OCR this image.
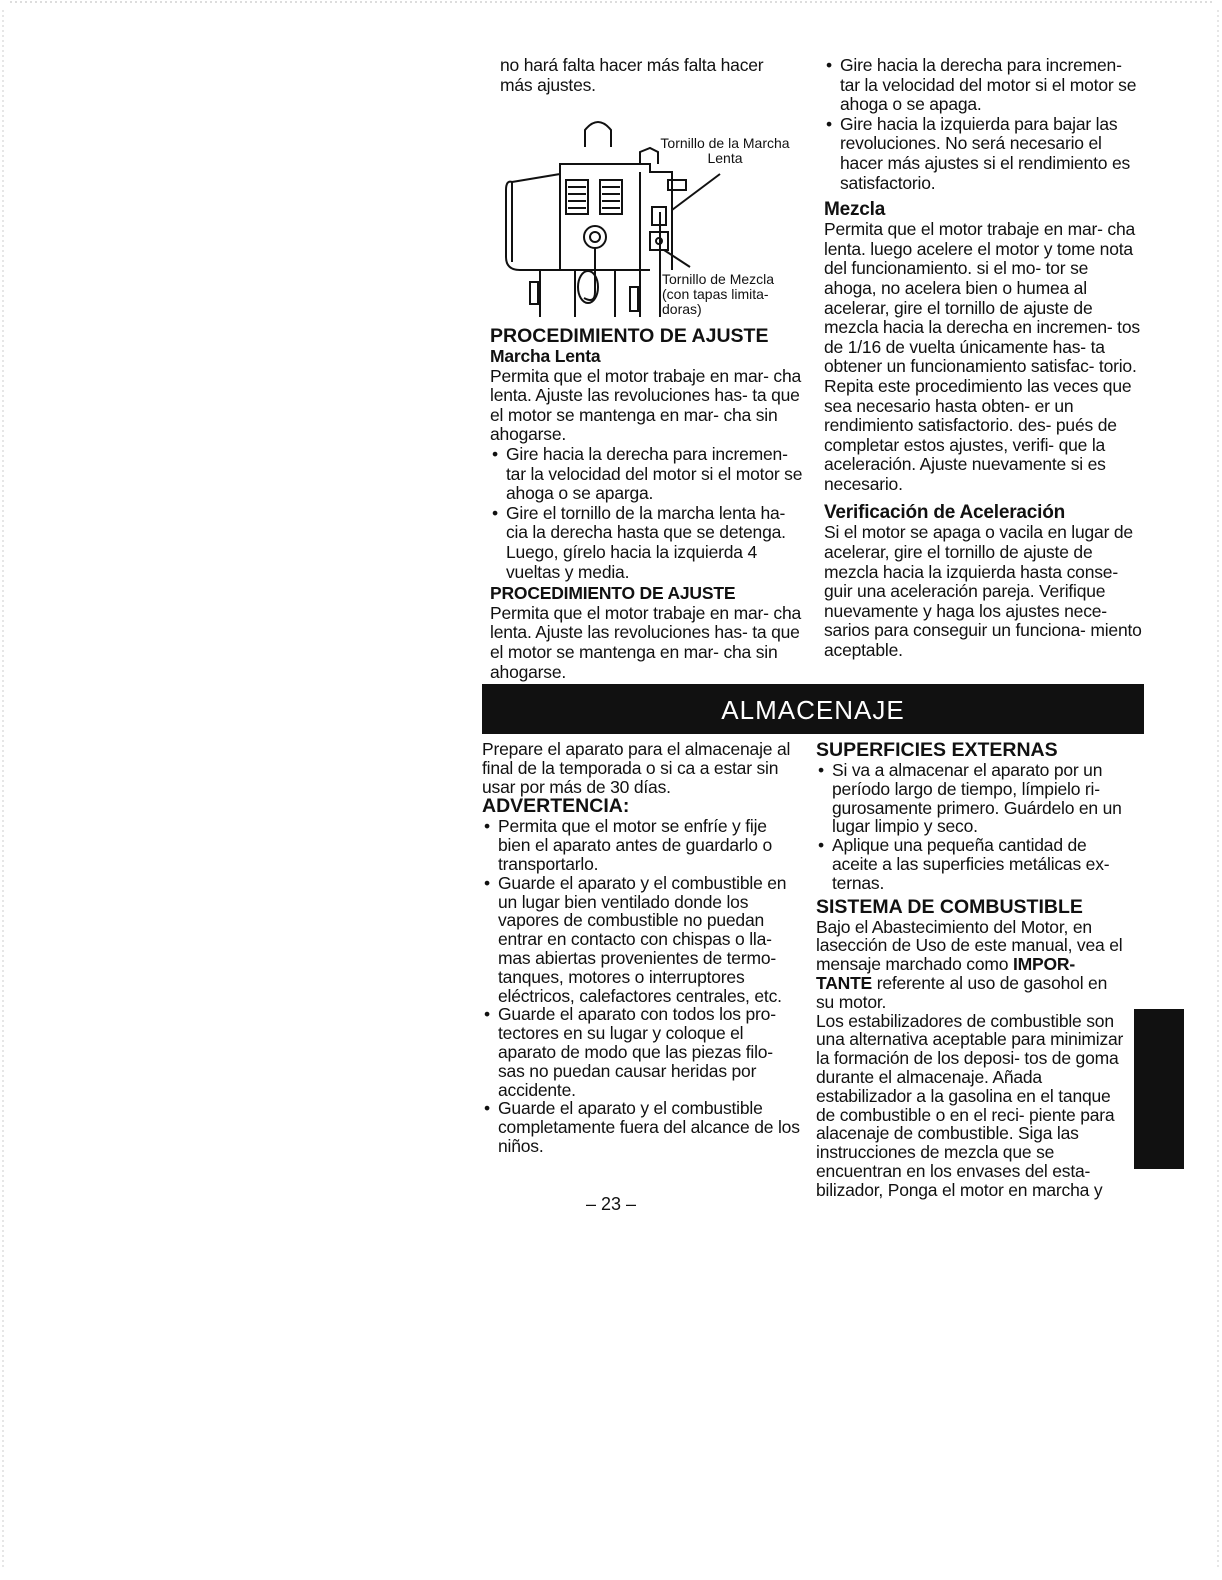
no hará falta hacer más falta hacer

más ajustes.

Tornillo de la Marcha
Lenta
Tornillo de Mezcla
(con tapas limita-
doras)

PROCEDIMIENTO DE AJUSTE

Marcha Lenta

Permita que el motor trabaje en mar- cha lenta. Ajuste las revoluciones has- ta que el motor se mantenga en mar- cha sin ahogarse.

• Gire hacia la derecha para incremen- tar la velocidad del motor si el motor se ahoga o se aparga.
• Gire el tornillo de la marcha lenta ha- cia la derecha hasta que se detenga. Luego, gírelo hacia la izquierda 4 vueltas y media.

PROCEDIMIENTO DE AJUSTE

Permita que el motor trabaje en mar- cha lenta. Ajuste las revoluciones has- ta que el motor se mantenga en mar- cha sin ahogarse.

• Gire hacia la derecha para incremen- tar la velocidad del motor si el motor se ahoga o se apaga.
• Gire hacia la izquierda para bajar las revoluciones. No será necesario el hacer más ajustes si el rendimiento es satisfactorio.

Mezcla

Permita que el motor trabaje en mar- cha lenta. luego acelere el motor y tome nota del funcionamiento. si el mo- tor se ahoga, no acelera bien o humea al acelerar, gire el tornillo de ajuste de mezcla hacia la derecha en incremen- tos de 1/16 de vuelta únicamente has- ta obtener un funcionamiento satisfac- torio. Repita este procedimiento las veces que sea necesario hasta obten- er un rendimiento satisfactorio. des- pués de completar estos ajustes, verifi- que la aceleración. Ajuste nuevamente si es necesario.

Verificación de Aceleración

Si el motor se apaga o vacila en lugar de acelerar, gire el tornillo de ajuste de mezcla hacia la izquierda hasta conse- guir una aceleración pareja. Verifique nuevamente y haga los ajustes nece- sarios para conseguir un funciona- miento aceptable.

ALMACENAJE

Prepare el aparato para el almacenaje al final de la temporada o si ca a estar sin usar por más de 30 días.

ADVERTENCIA:

• Permita que el motor se enfríe y fije bien el aparato antes de guardarlo o transportarlo.
• Guarde el aparato y el combustible en un lugar bien ventilado donde los vapores de combustible no puedan entrar en contacto con chispas o lla- mas abiertas provenientes de termo- tanques, motores o interruptores eléctricos, calefactores centrales, etc.
• Guarde el aparato con todos los pro- tectores en su lugar y coloque el aparato de modo que las piezas filo- sas no puedan causar heridas por accidente.
• Guarde el aparato y el combustible completamente fuera del alcance de los niños.

SUPERFICIES EXTERNAS

• Si va a almacenar el aparato por un período largo de tiempo, límpielo ri- gurosamente primero. Guárdelo en un lugar limpio y seco.
• Aplique una pequeña cantidad de aceite a las superficies metálicas ex- ternas.

SISTEMA DE COMBUSTIBLE

Bajo el Abastecimiento del Motor, en lasección de Uso de este manual, vea el mensaje marchado como IMPOR- TANTE referente al uso de gasohol en su motor.

Los estabilizadores de combustible son una alternativa aceptable para minimizar la formación de los deposi- tos de goma durante el almacenaje. Añada estabilizador a la gasolina en el tanque de combustible o en el reci- piente para alacenaje de combustible. Siga las instrucciones de mezcla que se encuentran en los envases del esta- bilizador, Ponga el motor en marcha y

– 23 –
